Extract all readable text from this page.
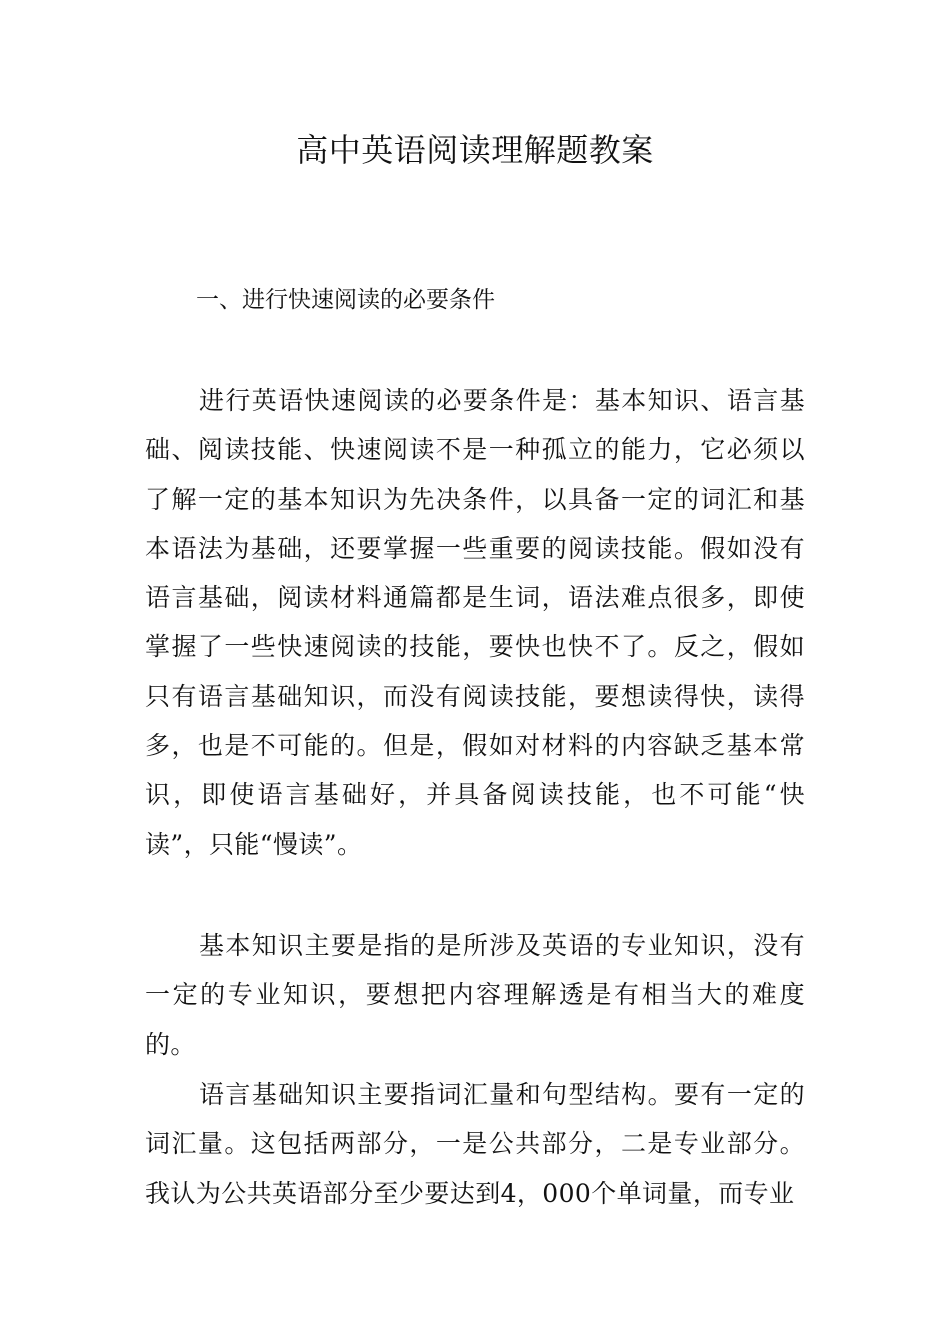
高中英语阅读理解题教案
一、进行快速阅读的必要条件

进行英语快速阅读的必要条件是：基本知识、语言基础、阅读技能、快速阅读不是一种孤立的能力，它必须以了解一定的基本知识为先决条件，以具备一定的词汇和基本语法为基础，还要掌握一些重要的阅读技能。假如没有语言基础，阅读材料通篇都是生词，语法难点很多，即使掌握了一些快速阅读的技能，要快也快不了。反之，假如只有语言基础知识，而没有阅读技能，要想读得快，读得多，也是不可能的。但是，假如对材料的内容缺乏基本常识，即使语言基础好，并具备阅读技能，也不可能“快读”，只能“慢读”。

基本知识主要是指的是所涉及英语的专业知识，没有一定的专业知识，要想把内容理解透是有相当大的难度的。

语言基础知识主要指词汇量和句型结构。要有一定的词汇量。这包括两部分，一是公共部分，二是专业部分。我认为公共英语部分至少要达到4，000个单词量，而专业
